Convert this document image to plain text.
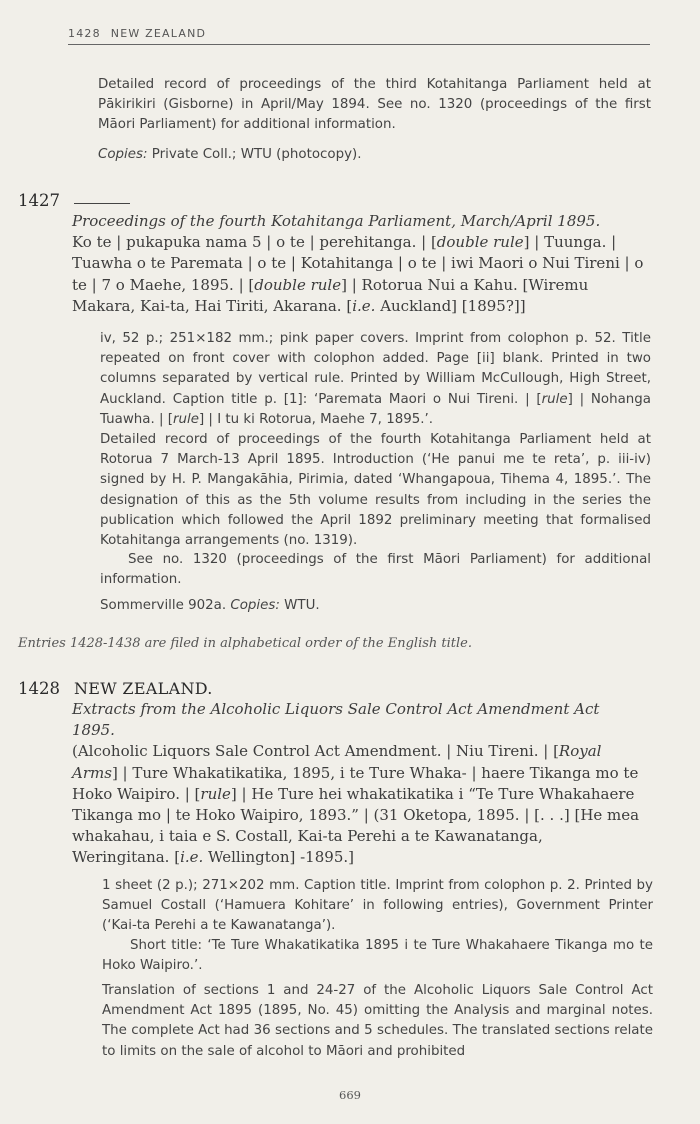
1428 NEW ZEALAND
Detailed record of proceedings of the third Kotahitanga Parliament held at Pākirikiri (Gisborne) in April/May 1894. See no. 1320 (proceedings of the first Māori Parliament) for additional information.
Copies: Private Coll.; WTU (photocopy).
1427
Proceedings of the fourth Kotahitanga Parliament, March/April 1895.
Ko te | pukapuka nama 5 | o te | perehitanga. | [double rule] | Tuunga. | Tuawha o te Paremata | o te | Kotahitanga | o te | iwi Maori o Nui Tireni | o te | 7 o Maehe, 1895. | [double rule] | Rotorua Nui a Kahu. [Wiremu Makara, Kai-ta, Hai Tiriti, Akarana. [i.e. Auckland] [1895?]]
iv, 52 p.; 251×182 mm.; pink paper covers. Imprint from colophon p. 52. Title repeated on front cover with colophon added. Page [ii] blank. Printed in two columns separated by vertical rule. Printed by William McCullough, High Street, Auckland. Caption title p. [1]: ‘Paremata Maori o Nui Tireni. | [rule] | Nohanga Tuawha. | [rule] | I tu ki Rotorua, Maehe 7, 1895.’.
Detailed record of proceedings of the fourth Kotahitanga Parliament held at Rotorua 7 March-13 April 1895. Introduction (‘He panui me te reta’, p. iii-iv) signed by H. P. Mangakāhia, Pirimia, dated ‘Whangapoua, Tihema 4, 1895.’. The designation of this as the 5th volume results from including in the series the publication which followed the April 1892 preliminary meeting that formalised Kotahitanga arrangements (no. 1319).
See no. 1320 (proceedings of the first Māori Parliament) for additional information.
Sommerville 902a. Copies: WTU.
Entries 1428-1438 are filed in alphabetical order of the English title.
1428 NEW ZEALAND.
Extracts from the Alcoholic Liquors Sale Control Act Amendment Act 1895.
(Alcoholic Liquors Sale Control Act Amendment. | Niu Tireni. | [Royal Arms] | Ture Whakatikatika, 1895, i te Ture Whaka- | haere Tikanga mo te Hoko Waipiro. | [rule] | He Ture hei whakatikatika i “Te Ture Whakahaere Tikanga mo | te Hoko Waipiro, 1893.” | (31 Oketopa, 1895. | [. . .] [He mea whakahau, i taia e S. Costall, Kai-ta Perehi a te Kawanatanga, Weringitana. [i.e. Wellington] -1895.]
1 sheet (2 p.); 271×202 mm. Caption title. Imprint from colophon p. 2. Printed by Samuel Costall (‘Hamuera Kohitare’ in following entries), Government Printer (‘Kai-ta Perehi a te Kawanatanga’).
Short title: ‘Te Ture Whakatikatika 1895 i te Ture Whakahaere Tikanga mo te Hoko Waipiro.’.
Translation of sections 1 and 24-27 of the Alcoholic Liquors Sale Control Act Amendment Act 1895 (1895, No. 45) omitting the Analysis and marginal notes. The complete Act had 36 sections and 5 schedules. The translated sections relate to limits on the sale of alcohol to Māori and prohibited
669
